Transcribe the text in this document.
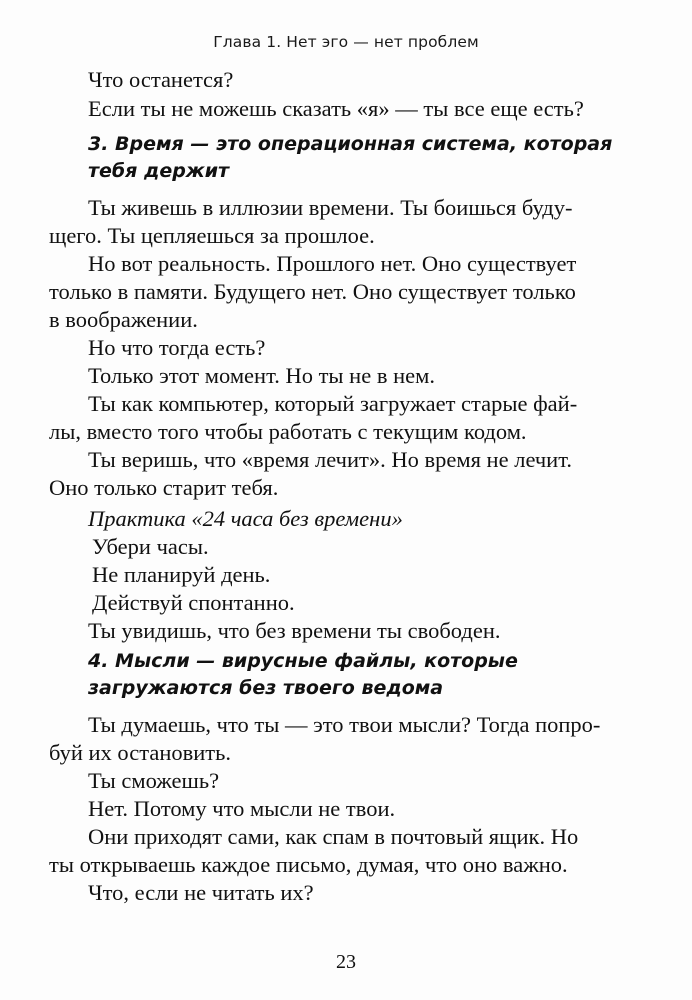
Глава 1. Нет эго — нет проблем
Что останется?
Если ты не можешь сказать «я» — ты все еще есть?
3. Время — это операционная система, которая
тебя держит
Ты живешь в иллюзии времени. Ты боишься буду-
щего. Ты цепляешься за прошлое.
Но вот реальность. Прошлого нет. Оно существует
только в памяти. Будущего нет. Оно существует только
в воображении.
Но что тогда есть?
Только этот момент. Но ты не в нем.
Ты как компьютер, который загружает старые фай-
лы, вместо того чтобы работать с текущим кодом.
Ты веришь, что «время лечит». Но время не лечит.
Оно только старит тебя.
Практика «24 часа без времени»
Убери часы.
Не планируй день.
Действуй спонтанно.
Ты увидишь, что без времени ты свободен.
4. Мысли — вирусные файлы, которые
загружаются без твоего ведома
Ты думаешь, что ты — это твои мысли? Тогда попро-
буй их остановить.
Ты сможешь?
Нет. Потому что мысли не твои.
Они приходят сами, как спам в почтовый ящик. Но
ты открываешь каждое письмо, думая, что оно важно.
Что, если не читать их?
23
